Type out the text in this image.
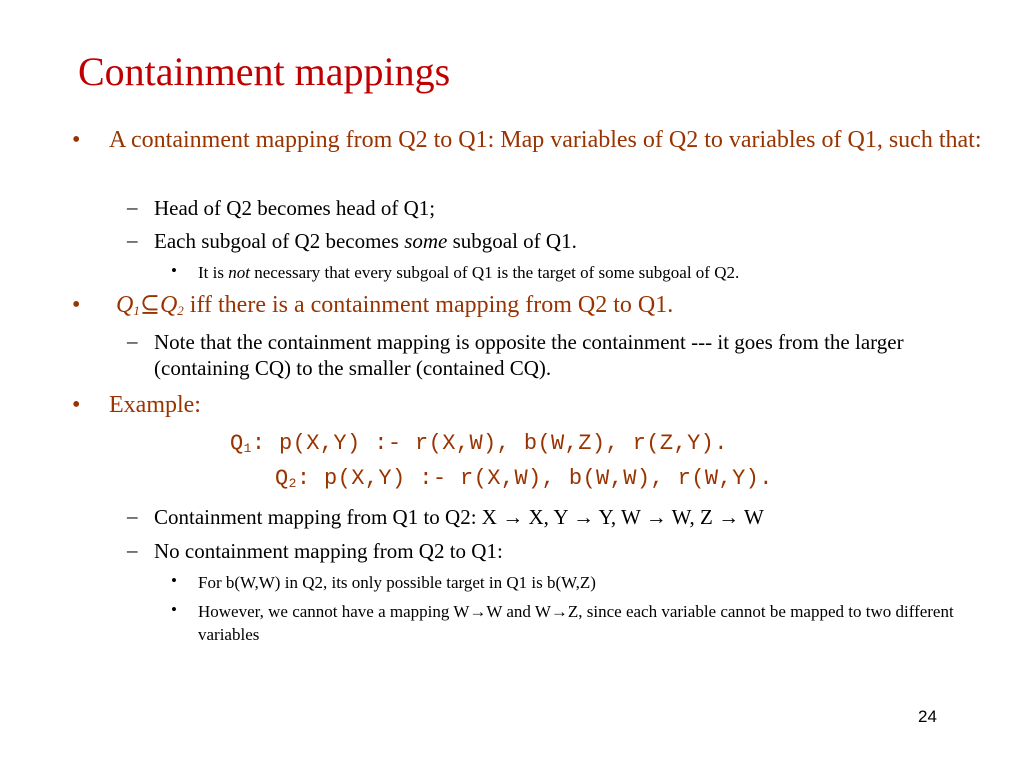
Containment mappings
• A containment mapping from Q2 to Q1: Map variables of Q2 to variables of Q1, such that:
– Head of Q2 becomes head of Q1;
– Each subgoal of Q2 becomes some subgoal of Q1.
• It is not necessary that every subgoal of Q1 is the target of some subgoal of Q2.
• $Q_1⊆Q_2$ iff there is a containment mapping from Q2 to Q1.
– Note that the containment mapping is opposite the containment --- it goes from the larger (containing CQ) to the smaller (contained CQ).
• Example:
$Q_1$: p(X,Y) :- r(X,W), b(W,Z), r(Z,Y).
$Q_2$: p(X,Y) :- r(X,W), b(W,W), r(W,Y).
– Containment mapping from Q1 to Q2: X → X, Y → Y, W → W, Z → W
– No containment mapping from Q2 to Q1:
• For b(W,W) in Q2, its only possible target in Q1 is b(W,Z)
• However, we cannot have a mapping W→W and W→Z, since each variable cannot be mapped to two different variables
24
